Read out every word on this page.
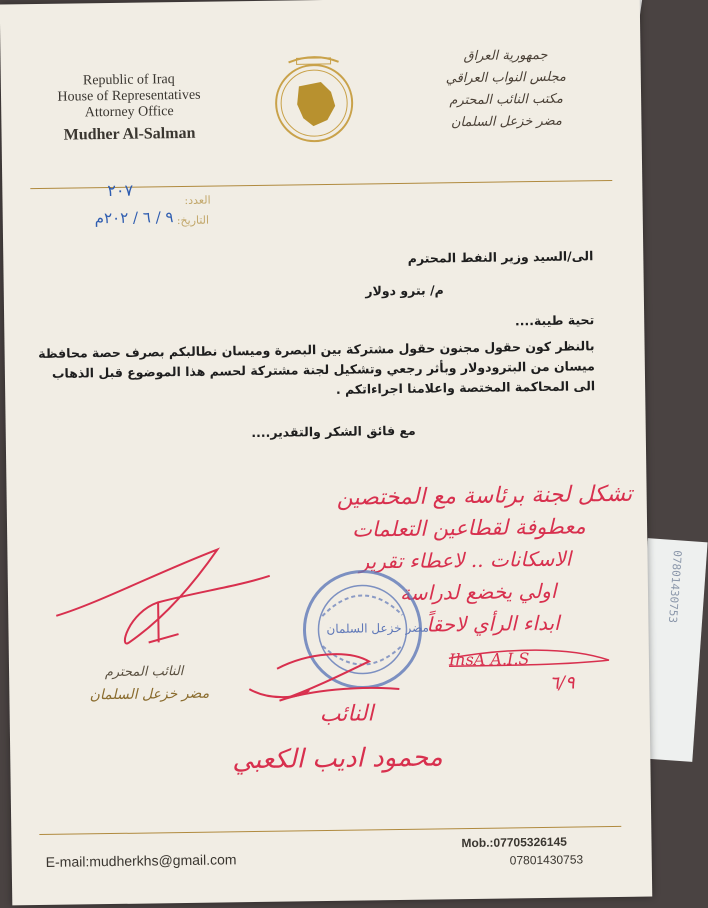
07801430753
Republic of Iraq
House of Representatives
Attorney Office
Mudher Al-Salman
جمهورية العراق
مجلس النواب العراقي
مكتب النائب المحترم
مضر خزعل السلمان
٢٠٧
العدد:
التاريخ:
٩ / ٦ / ٢٠٢م
الى/السيد وزير النفط المحترم
م/ بترو دولار
تحية طيبة....
بالنظر كون حقول مجنون حقول مشتركة بين البصرة وميسان نطالبكم بصرف حصة محافظة
ميسان من البترودولار وبأثر رجعي وتشكيل لجنة مشتركة لحسم هذا الموضوع قبل الذهاب
الى المحاكمة المختصة واعلامنا اجراءاتكم .
مع فائق الشكر والتقدير....
تشكل لجنة برئاسة مع المختصين
معطوفة لقطاعين التعلمات
الاسكانات .. لاعطاء تقرير
اولي يخضع لدراسة
ابداء الرأي لاحقاً
IhsA A.I.S
٦/٩
النائب
محمود اديب الكعبي
النائب المحترم
مضر خزعل السلمان
مضر خزعل السلمان
E-mail:mudherkhs@gmail.com
Mob.:07705326145
07801430753
